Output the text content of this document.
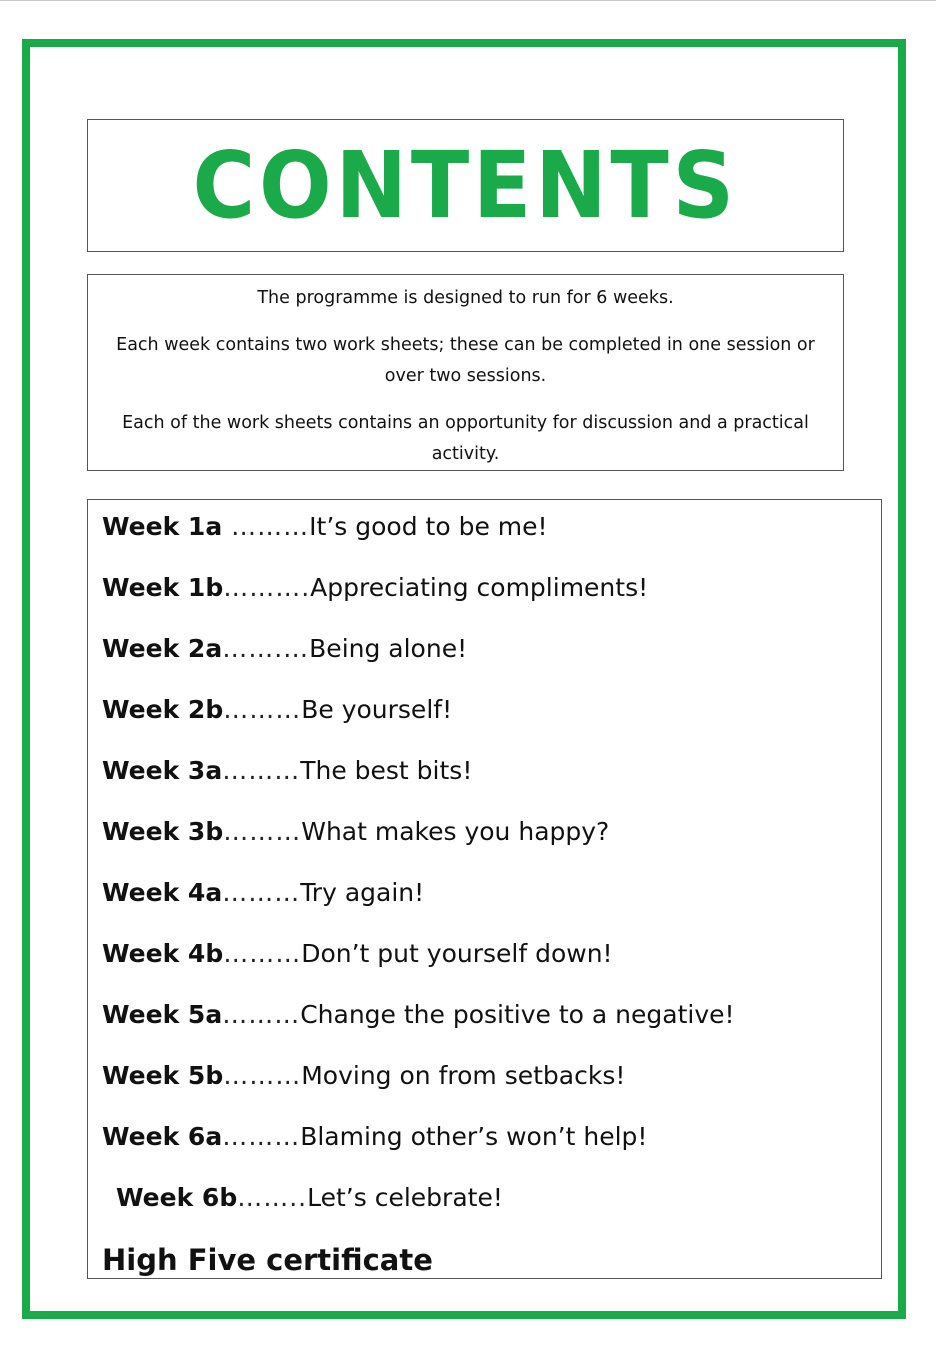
CONTENTS

The programme is designed to run for 6 weeks.

Each week contains two work sheets; these can be completed in one session or over two sessions.

Each of the work sheets contains an opportunity for discussion and a practical activity.

Week 1a ………It’s good to be me!
Week 1b……….Appreciating compliments!
Week 2a…….…Being alone!
Week 2b………Be yourself!
Week 3a………The best bits!
Week 3b………What makes you happy?
Week 4a………Try again!
Week 4b………Don’t put yourself down!
Week 5a………Change the positive to a negative!
Week 5b………Moving on from setbacks!
Week 6a………Blaming other’s won’t help!
Week 6b……..Let’s celebrate!
High Five certificate
